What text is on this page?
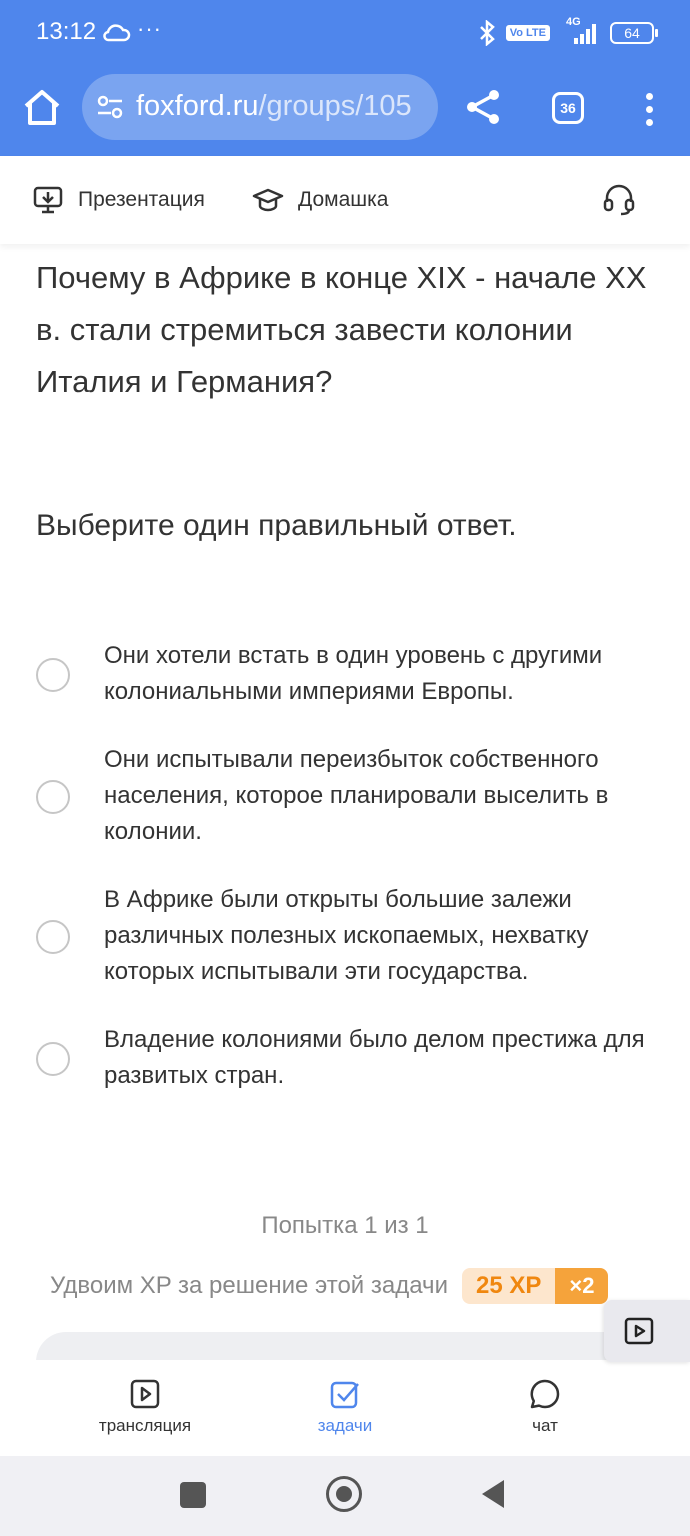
13:12 ···	Vo LTE
4G
64
foxford.ru/groups/105	36
Презентация	Домашка
Почему в Африке в конце XIX - начале XX в. стали стремиться завести колонии Италия и Германия?
Выберите один правильный ответ.
Они хотели встать в один уровень с другими колониальными империями Европы.
Они испытывали переизбыток собственного населения, которое планировали выселить в колонии.
В Африке были открыты большие залежи различных полезных ископаемых, нехватку которых испытывали эти государства.
Владение колониями было делом престижа для развитых стран.
Попытка 1 из 1
Удвоим XP за решение этой задачи	25 XP	×2
трансляция	задачи	чат
